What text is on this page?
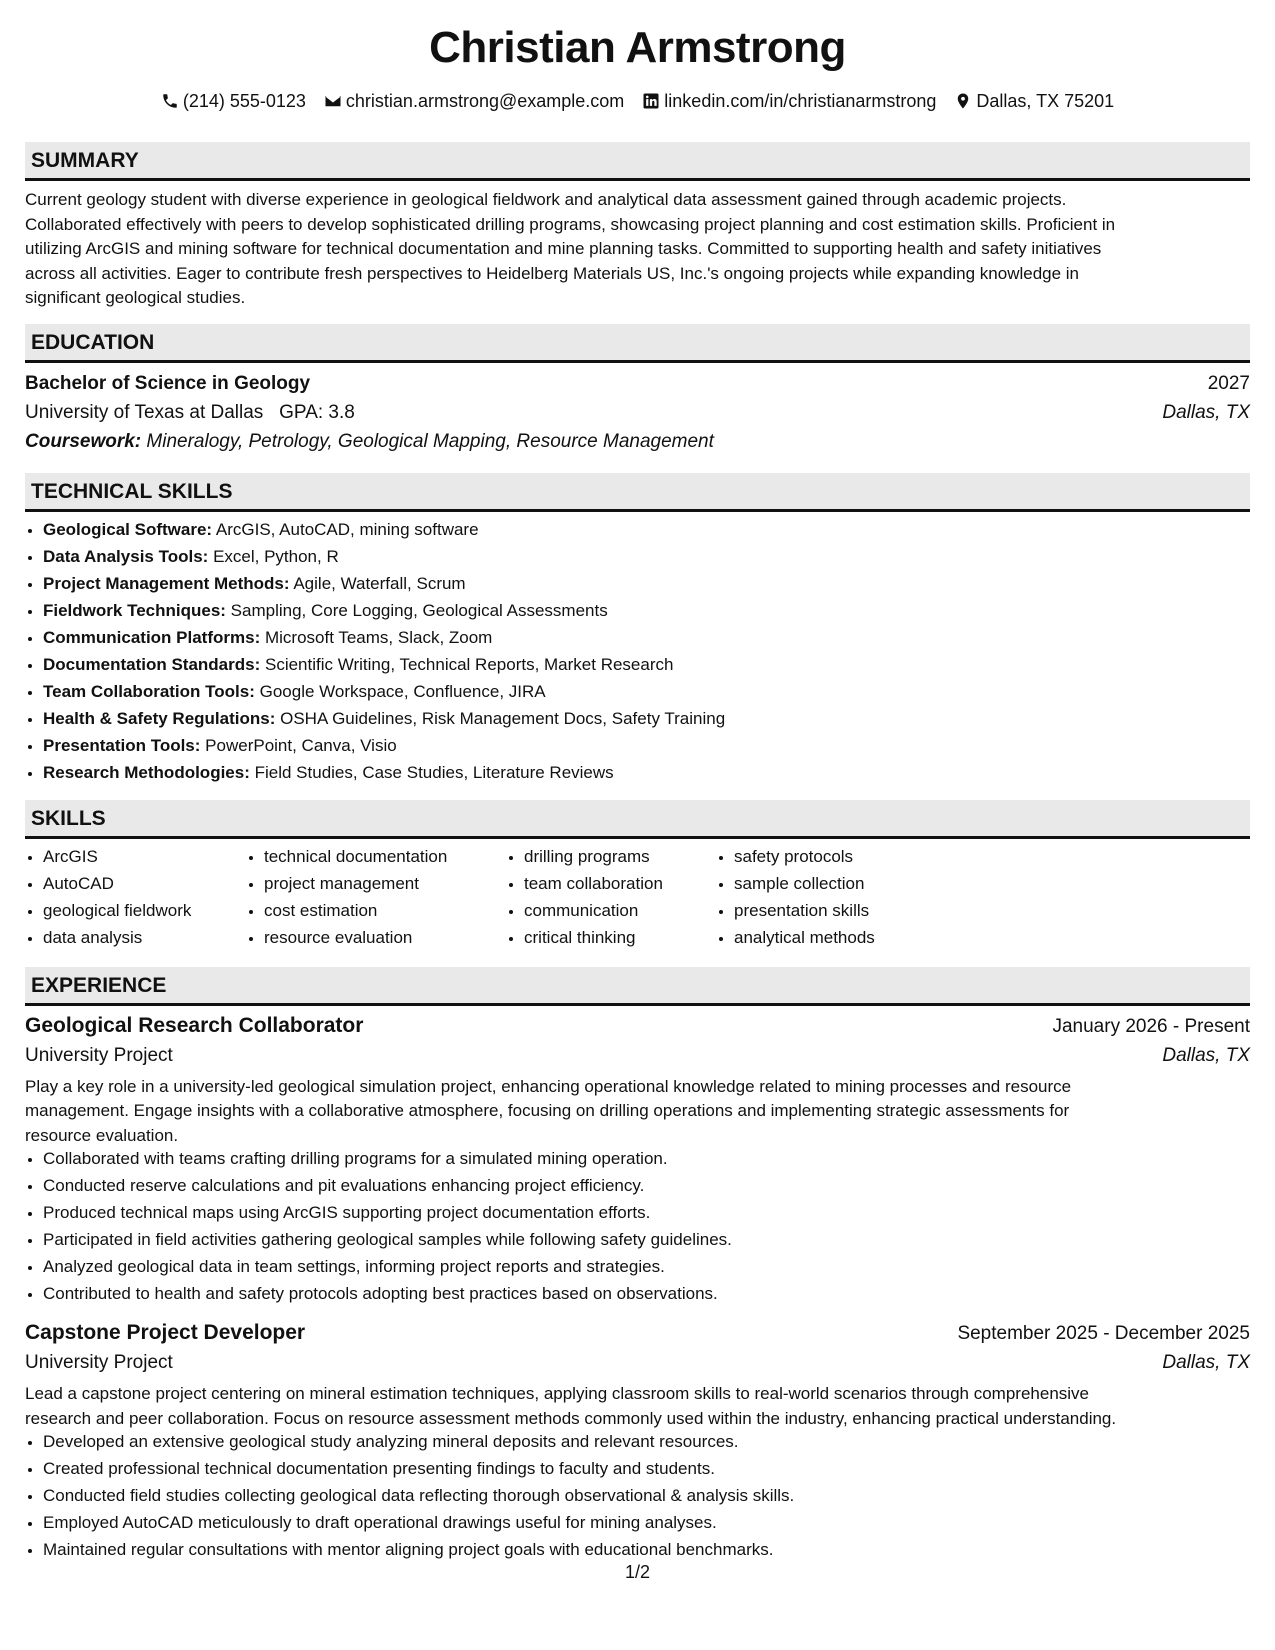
Christian Armstrong
(214) 555-0123 christian.armstrong@example.com linkedin.com/in/christianarmstrong Dallas, TX 75201
SUMMARY
Current geology student with diverse experience in geological fieldwork and analytical data assessment gained through academic projects.
Collaborated effectively with peers to develop sophisticated drilling programs, showcasing project planning and cost estimation skills. Proficient in
utilizing ArcGIS and mining software for technical documentation and mine planning tasks. Committed to supporting health and safety initiatives
across all activities. Eager to contribute fresh perspectives to Heidelberg Materials US, Inc.'s ongoing projects while expanding knowledge in
significant geological studies.
EDUCATION
Bachelor of Science in Geology	2027
University of Texas at Dallas GPA: 3.8	Dallas, TX
Coursework: Mineralogy, Petrology, Geological Mapping, Resource Management
TECHNICAL SKILLS
• Geological Software: ArcGIS, AutoCAD, mining software
• Data Analysis Tools: Excel, Python, R
• Project Management Methods: Agile, Waterfall, Scrum
• Fieldwork Techniques: Sampling, Core Logging, Geological Assessments
• Communication Platforms: Microsoft Teams, Slack, Zoom
• Documentation Standards: Scientific Writing, Technical Reports, Market Research
• Team Collaboration Tools: Google Workspace, Confluence, JIRA
• Health & Safety Regulations: OSHA Guidelines, Risk Management Docs, Safety Training
• Presentation Tools: PowerPoint, Canva, Visio
• Research Methodologies: Field Studies, Case Studies, Literature Reviews
SKILLS
• ArcGIS
• AutoCAD
• geological fieldwork
• data analysis
• technical documentation
• project management
• cost estimation
• resource evaluation
• drilling programs
• team collaboration
• communication
• critical thinking
• safety protocols
• sample collection
• presentation skills
• analytical methods
EXPERIENCE
Geological Research Collaborator	January 2026 - Present
University Project	Dallas, TX
Play a key role in a university-led geological simulation project, enhancing operational knowledge related to mining processes and resource
management. Engage insights with a collaborative atmosphere, focusing on drilling operations and implementing strategic assessments for
resource evaluation.
• Collaborated with teams crafting drilling programs for a simulated mining operation.
• Conducted reserve calculations and pit evaluations enhancing project efficiency.
• Produced technical maps using ArcGIS supporting project documentation efforts.
• Participated in field activities gathering geological samples while following safety guidelines.
• Analyzed geological data in team settings, informing project reports and strategies.
• Contributed to health and safety protocols adopting best practices based on observations.
Capstone Project Developer	September 2025 - December 2025
University Project	Dallas, TX
Lead a capstone project centering on mineral estimation techniques, applying classroom skills to real-world scenarios through comprehensive
research and peer collaboration. Focus on resource assessment methods commonly used within the industry, enhancing practical understanding.
• Developed an extensive geological study analyzing mineral deposits and relevant resources.
• Created professional technical documentation presenting findings to faculty and students.
• Conducted field studies collecting geological data reflecting thorough observational & analysis skills.
• Employed AutoCAD meticulously to draft operational drawings useful for mining analyses.
• Maintained regular consultations with mentor aligning project goals with educational benchmarks.
1/2
